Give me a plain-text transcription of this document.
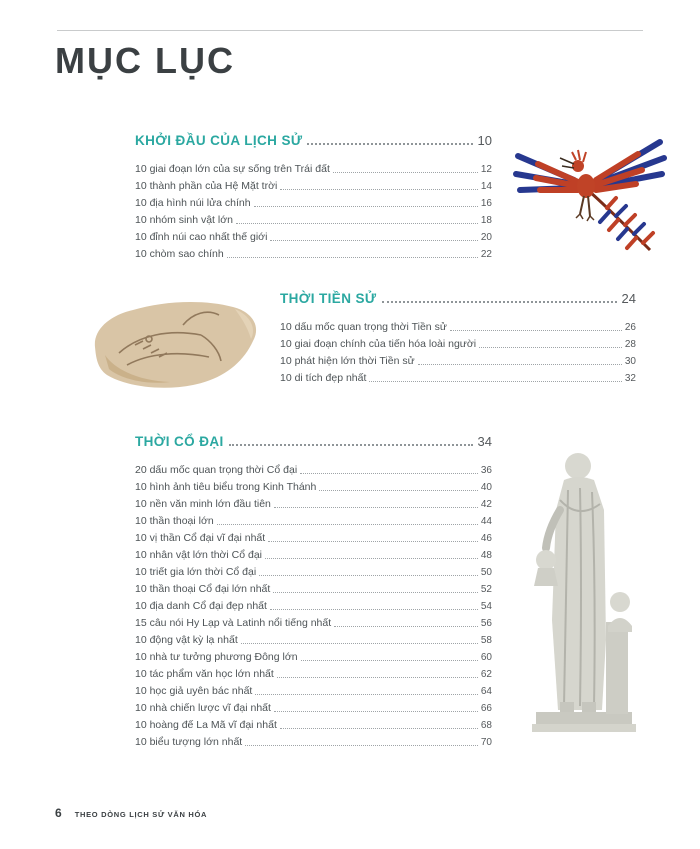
MỤC LỤC
KHỞI ĐẦU CỦA LỊCH SỬ	10
10 giai đoạn lớn của sự sống trên Trái đất	12
10 thành phần của Hệ Mặt trời	14
10 địa hình núi lửa chính	16
10 nhóm sinh vật lớn	18
10 đỉnh núi cao nhất thế giới	20
10 chòm sao chính	22
THỜI TIỀN SỬ	24
10 dấu mốc quan trọng thời Tiền sử	26
10 giai đoạn chính của tiến hóa loài người	28
10 phát hiện lớn thời Tiền sử	30
10 di tích đẹp nhất	32
THỜI CỔ ĐẠI	34
20 dấu mốc quan trọng thời Cổ đại	36
10 hình ảnh tiêu biểu trong Kinh Thánh	40
10 nền văn minh lớn đầu tiên	42
10 thần thoại lớn	44
10 vị thần Cổ đại vĩ đại nhất	46
10 nhân vật lớn thời Cổ đại	48
10 triết gia lớn thời Cổ đại	50
10 thần thoại Cổ đại lớn nhất	52
10 địa danh Cổ đại đẹp nhất	54
15 câu nói Hy Lạp và Latinh nổi tiếng nhất	56
10 động vật kỳ lạ nhất	58
10 nhà tư tưởng phương Đông lớn	60
10 tác phẩm văn học lớn nhất	62
10 học giả uyên bác nhất	64
10 nhà chiến lược vĩ đại nhất	66
10 hoàng đế La Mã vĩ đại nhất	68
10 biểu tượng lớn nhất	70
6 THEO DÒNG LỊCH SỬ VĂN HÓA
